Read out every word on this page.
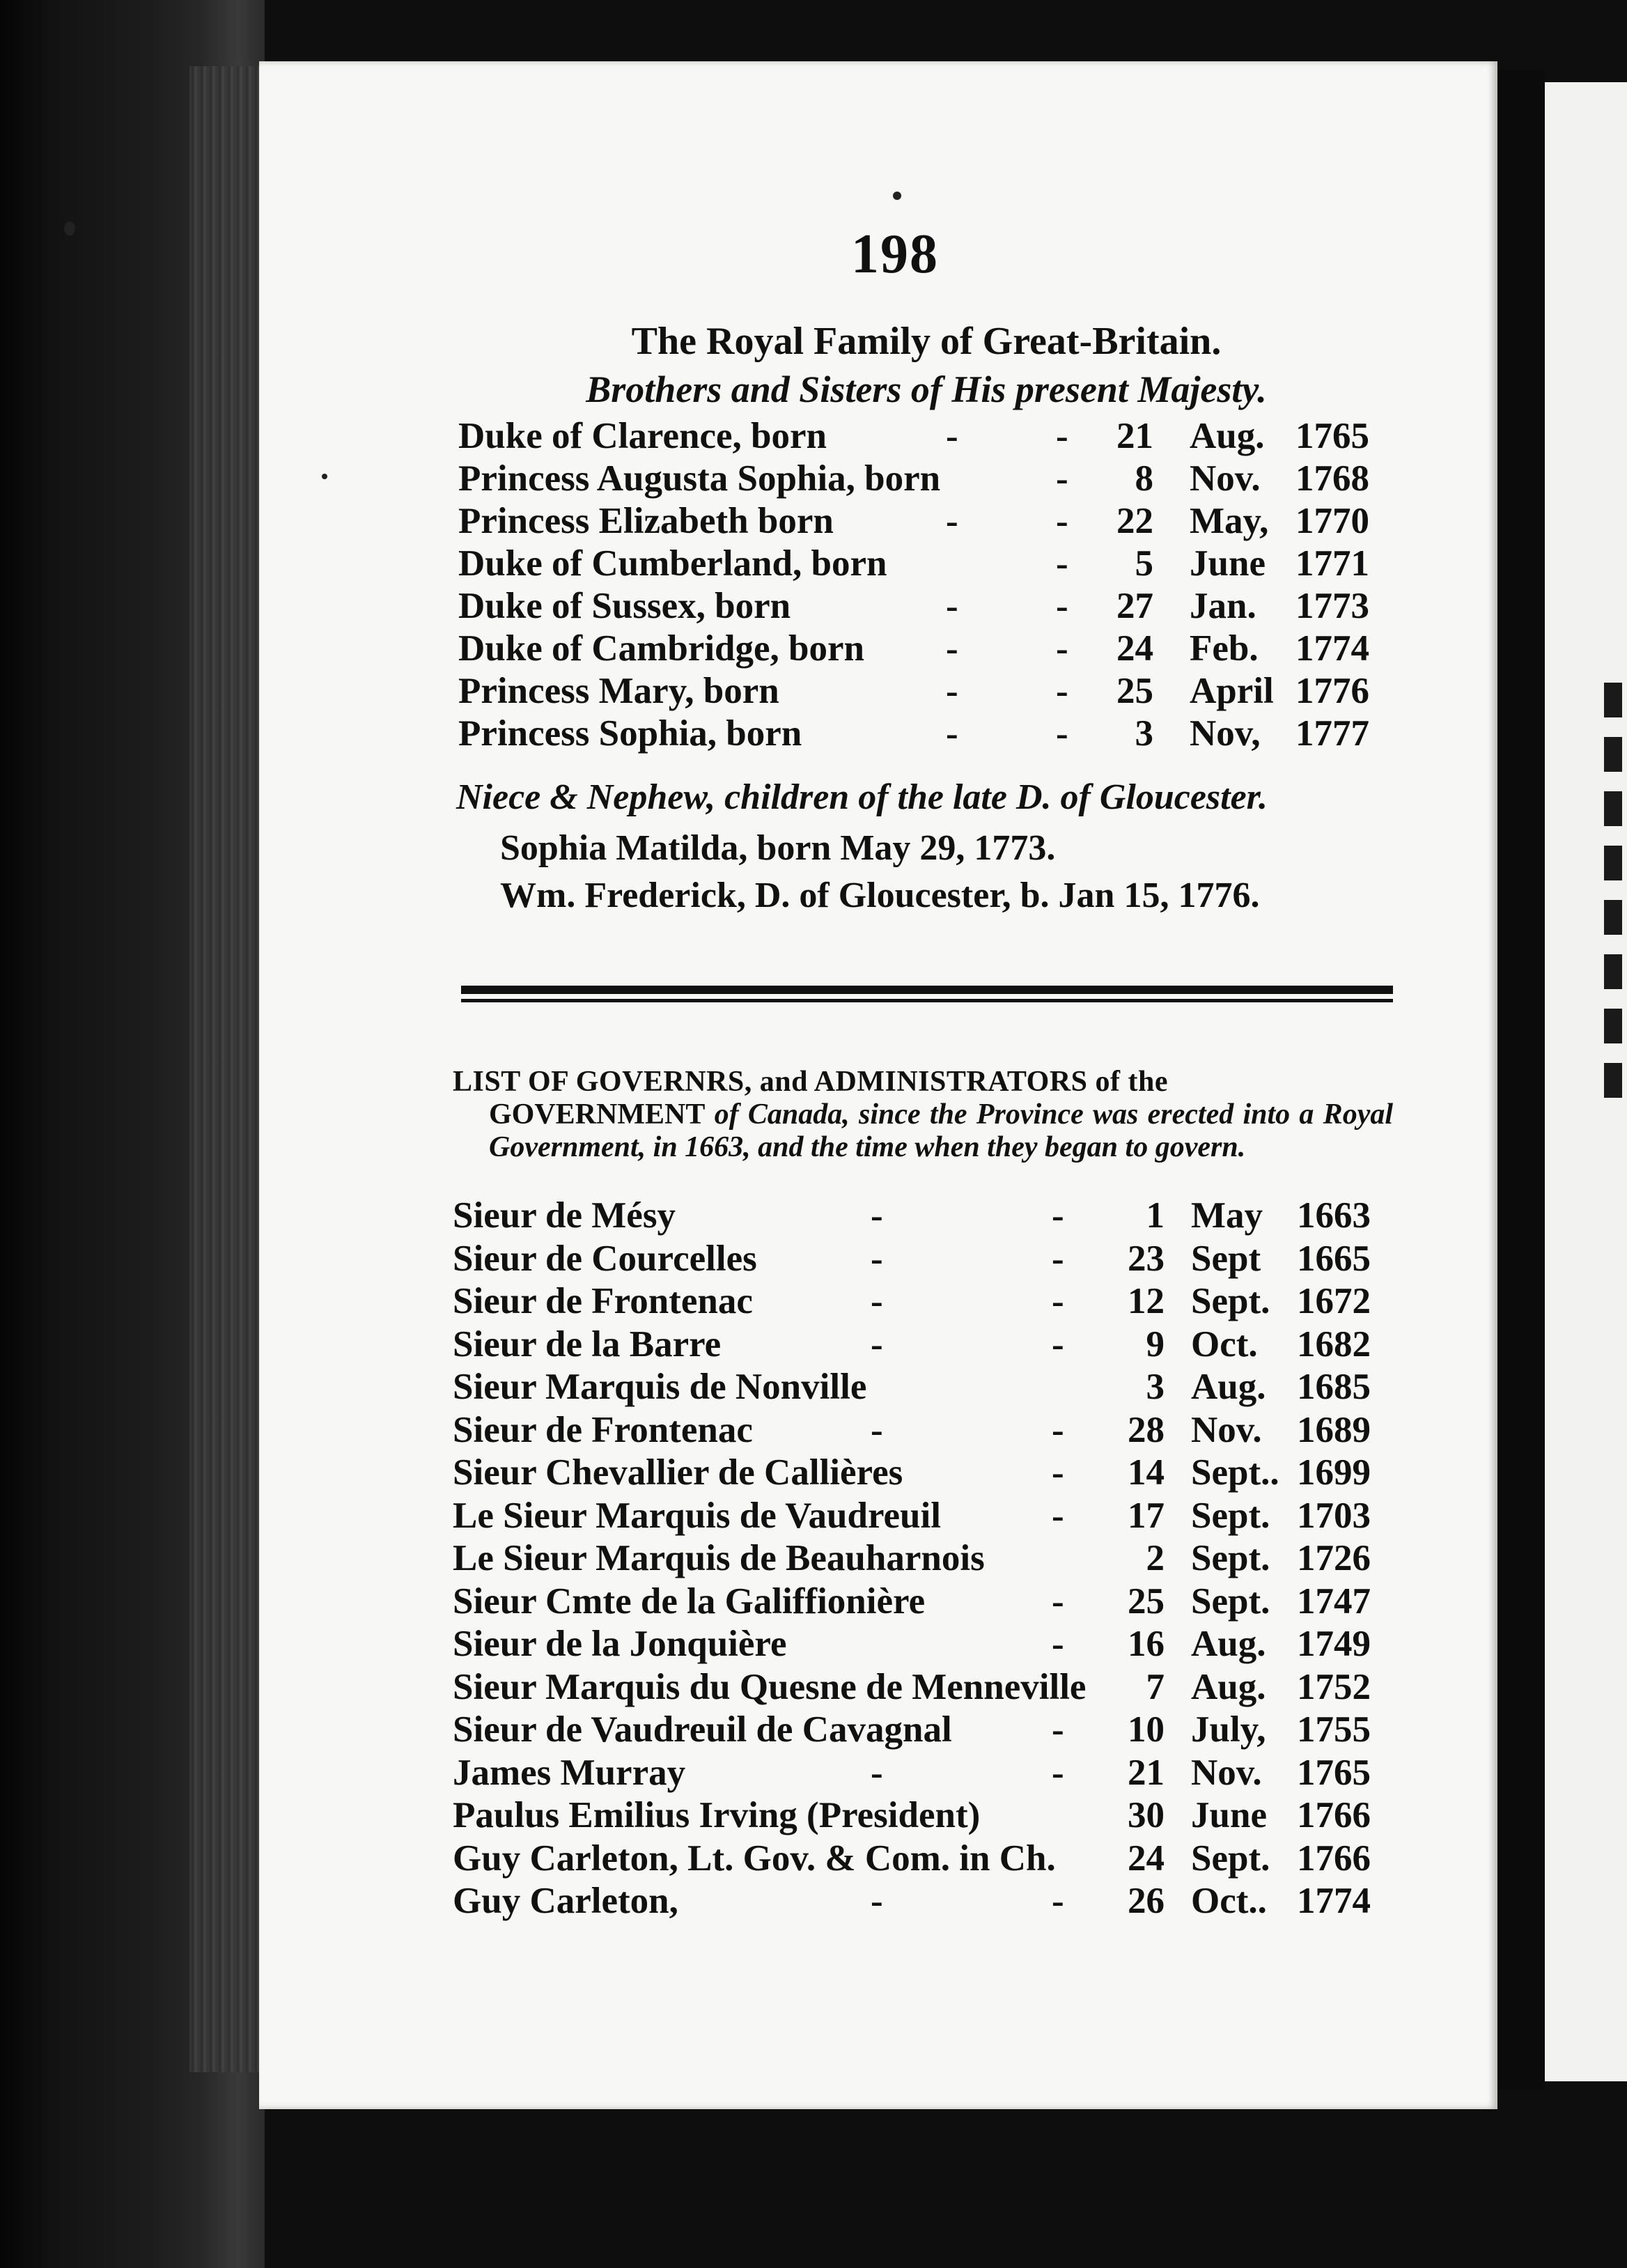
198
The Royal Family of Great-Britain.
Brothers and Sisters of His present Majesty.
Duke of Clarence, born	-	-	21 Aug. 1765
Princess Augusta Sophia, born	-	8 Nov. 1768
Princess Elizabeth born	-	-	22 May, 1770
Duke of Cumberland, born	-	5 June 1771
Duke of Sussex, born	-	-	27 Jan. 1773
Duke of Cambridge, born -	-	24 Feb. 1774
Princess Mary, born	-	-	25 April 1776
Princess Sophia, born	-	-	3 Nov, 1777
Niece & Nephew, children of the late D. of Gloucester.
Sophia Matilda, born May 29, 1773.
Wm. Frederick, D. of Gloucester, b. Jan 15, 1776.
LIST OF GOVERNRS, and ADMINISTRATORS of the
GOVERNMENT of Canada, since the Province was erected into a Royal Government, in 1663, and the time when they began to govern.
Sieur de Mésy	-	-	1 May 1663
Sieur de Courcelles	-	-	23 Sept 1665
Sieur de Frontenac	-	-	12 Sept. 1672
Sieur de la Barre	-	-	9 Oct. 1682
Sieur Marquis de Nonville	3 Aug. 1685
Sieur de Frontenac	-	-	28 Nov. 1689
Sieur Chevallier de Callières	-	14 Sept.. 1699
Le Sieur Marquis de Vaudreuil	-	17 Sept. 1703
Le Sieur Marquis de Beauharnois	2 Sept. 1726
Sieur Cmte de la Galiffionière	-	25 Sept. 1747
Sieur de la Jonquière	-	16 Aug. 1749
Sieur Marquis du Quesne de Menneville	7 Aug. 1752
Sieur de Vaudreuil de Cavagnal	-	10 July, 1755
James Murray	-	-	21 Nov. 1765
Paulus Emilius Irving (President)	30 June 1766
Guy Carleton, Lt. Gov. & Com. in Ch.	24 Sept. 1766
Guy Carleton,	-	-	26 Oct.. 1774
